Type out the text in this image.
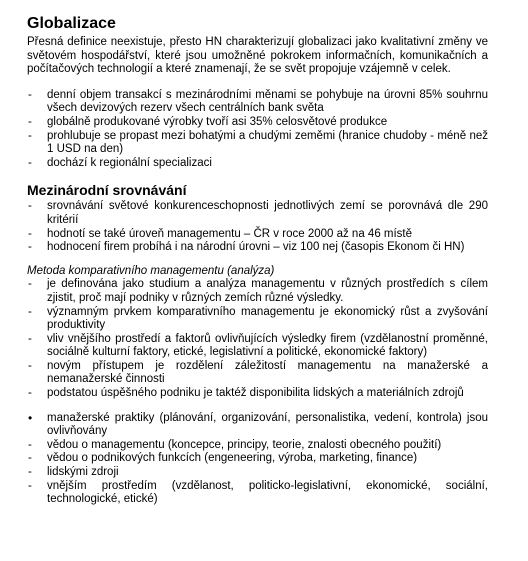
Globalizace

Přesná definice neexistuje, přesto HN charakterizují globalizaci jako kvalitativní změny ve světovém hospodářství, které jsou umožněné pokrokem informačních, komunikačních a počítačových technologií a které znamenají, že se svět propojuje vzájemně v celek.

-	denní objem transakcí s mezinárodními měnami se pohybuje na úrovni 85% souhrnu všech devizových rezerv všech centrálních bank světa
-	globálně produkované výrobky tvoří asi 35% celosvětové produkce
-	prohlubuje se propast mezi bohatými a chudými zeměmi (hranice chudoby - méně než 1 USD na den)
-	dochází k regionální specializaci
Mezinárodní srovnávání
-	srovnávání světové konkurenceschopnosti jednotlivých zemí se porovnává dle 290 kritérií
-	hodnotí se také úroveň managementu – ČR v roce 2000 až na 46 místě
-	hodnocení firem probíhá i na národní úrovni – viz 100 nej (časopis Ekonom či HN)

Metoda komparativního managementu (analýza)

-	je definována jako studium a analýza managementu v různých prostředích s cílem zjistit, proč mají podniky v různých zemích různé výsledky.
-	významným prvkem komparativního managementu je ekonomický růst a zvyšování produktivity
-	vliv vnějšího prostředí a faktorů ovlivňujících výsledky firem (vzdělanostní proměnné, sociálně kulturní faktory, etické, legislativní a politické, ekonomické faktory)
-	novým přístupem je rozdělení záležitostí managementu na manažerské a nemanažerské činnosti
-	podstatou úspěšného podniku je taktéž disponibilita lidských a materiálních zdrojů
•	manažerské praktiky (plánování, organizování, personalistika, vedení, kontrola) jsou ovlivňovány
-	vědou o managementu (koncepce, principy, teorie, znalosti obecného použití)
-	vědou o podnikových funkcích (engeneering, výroba, marketing, finance)
-	lidskými zdroji
-	vnějším prostředím (vzdělanost, politicko-legislativní, ekonomické, sociální, technologické, etické)
